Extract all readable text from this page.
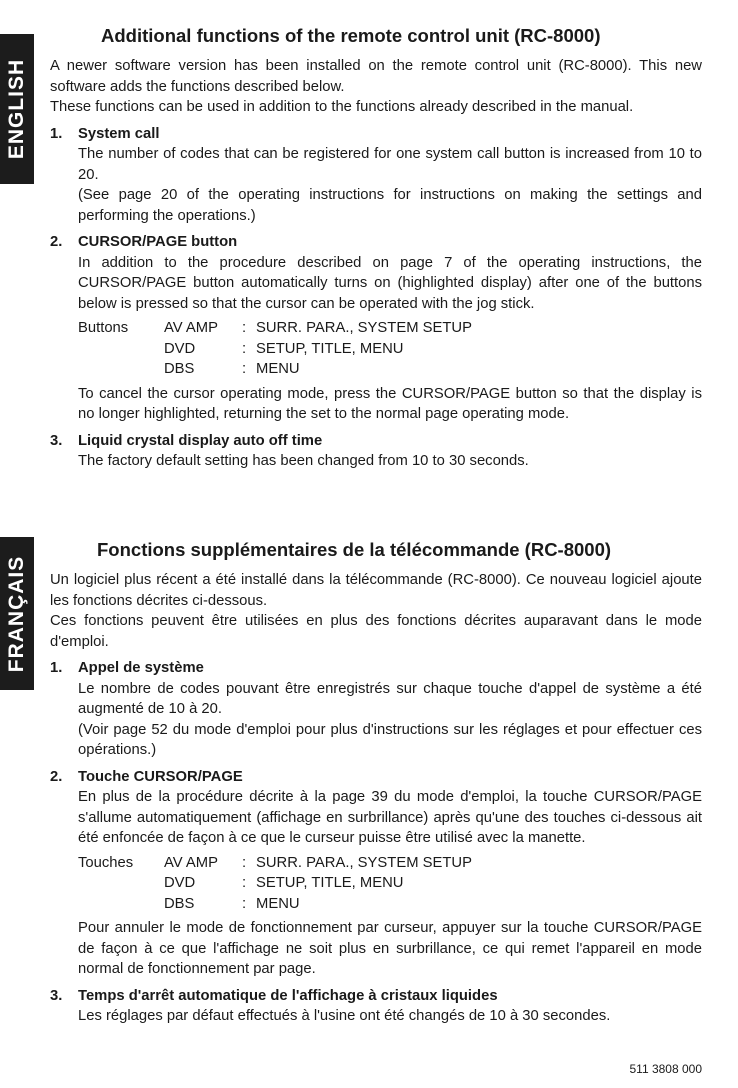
ENGLISH
FRANÇAIS
Additional functions of the remote control unit (RC-8000)

A newer software version has been installed on the remote control unit (RC-8000). This new software adds the functions described below.

These functions can be used in addition to the functions already described in the manual.

1. System call

The number of codes that can be registered for one system call button is increased from 10 to 20.

(See page 20 of the operating instructions for instructions on making the settings and performing the operations.)

2. CURSOR/PAGE button

In addition to the procedure described on page 7 of the operating instructions, the CURSOR/PAGE button automatically turns on (highlighted display) after one of the buttons below is pressed so that the cursor can be operated with the jog stick.

Buttons	AV AMP	:	SURR. PARA., SYSTEM SETUP
	DVD	:	SETUP, TITLE, MENU
	DBS	:	MENU

To cancel the cursor operating mode, press the CURSOR/PAGE button so that the display is no longer highlighted, returning the set to the normal page operating mode.

3. Liquid crystal display auto off time

The factory default setting has been changed from 10 to 30 seconds.

Fonctions supplémentaires de la télécommande (RC-8000)

Un logiciel plus récent a été installé dans la télécommande (RC-8000). Ce nouveau logiciel ajoute les fonctions décrites ci-dessous.

Ces fonctions peuvent être utilisées en plus des fonctions décrites auparavant dans le mode d'emploi.

1. Appel de système

Le nombre de codes pouvant être enregistrés sur chaque touche d'appel de système a été augmenté de 10 à 20.

(Voir page 52 du mode d'emploi pour plus d'instructions sur les réglages et pour effectuer ces opérations.)

2. Touche CURSOR/PAGE

En plus de la procédure décrite à la page 39 du mode d'emploi, la touche CURSOR/PAGE s'allume automatiquement (affichage en surbrillance) après qu'une des touches ci-dessous ait été enfoncée de façon à ce que le curseur puisse être utilisé avec la manette.

Touches	AV AMP	:	SURR. PARA., SYSTEM SETUP
	DVD	:	SETUP, TITLE, MENU
	DBS	:	MENU

Pour annuler le mode de fonctionnement par curseur, appuyer sur la touche CURSOR/PAGE de façon à ce que l'affichage ne soit plus en surbrillance, ce qui remet l'appareil en mode normal de fonctionnement par page.

3. Temps d'arrêt automatique de l'affichage à cristaux liquides

Les réglages par défaut effectués à l'usine ont été changés de 10 à 30 secondes.

511 3808 000
